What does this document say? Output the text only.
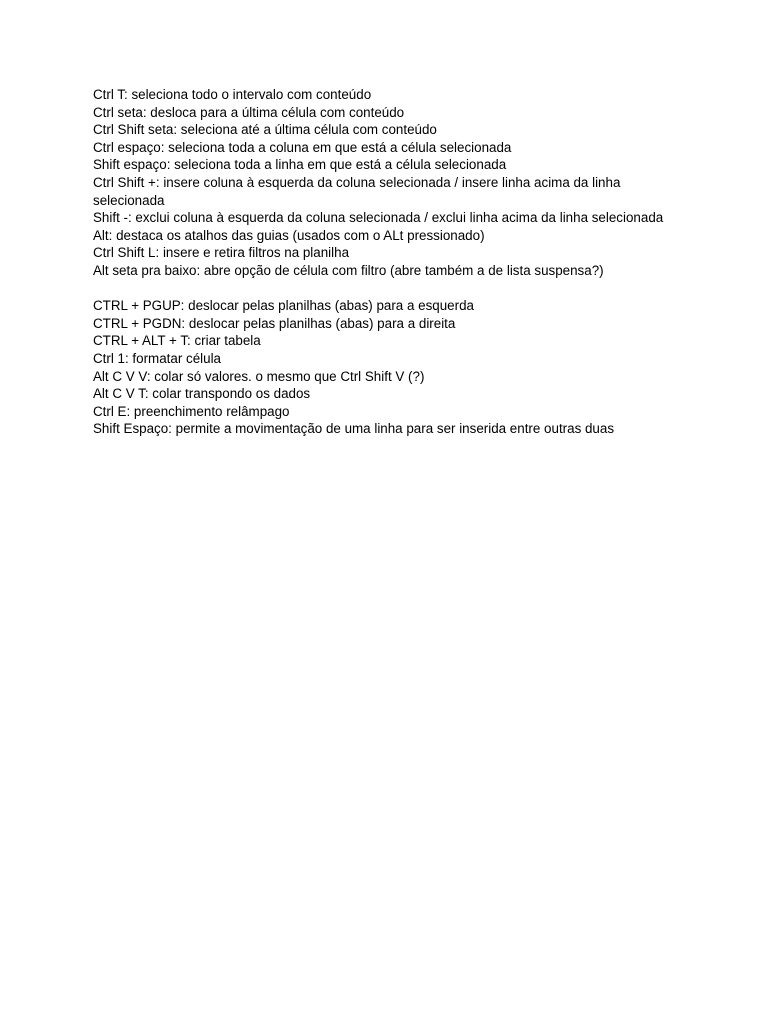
Ctrl T: seleciona todo o intervalo com conteúdo

Ctrl seta: desloca para a última célula com conteúdo

Ctrl Shift seta: seleciona até a última célula com conteúdo

Ctrl espaço: seleciona toda a coluna em que está a célula selecionada

Shift espaço: seleciona toda a linha em que está a célula selecionada

Ctrl Shift +: insere coluna à esquerda da coluna selecionada / insere linha acima da linha selecionada

Shift -: exclui coluna à esquerda da coluna selecionada / exclui linha acima da linha selecionada

Alt: destaca os atalhos das guias (usados com o ALt pressionado)

Ctrl Shift L: insere e retira filtros na planilha

Alt seta pra baixo: abre opção de célula com filtro (abre também a de lista suspensa?)

CTRL + PGUP: deslocar pelas planilhas (abas) para a esquerda

CTRL + PGDN: deslocar pelas planilhas (abas) para a direita

CTRL + ALT + T: criar tabela

Ctrl 1: formatar célula

Alt C V V: colar só valores. o mesmo que Ctrl Shift V (?)

Alt C V T: colar transpondo os dados

Ctrl E: preenchimento relâmpago

Shift Espaço: permite a movimentação de uma linha para ser inserida entre outras duas
